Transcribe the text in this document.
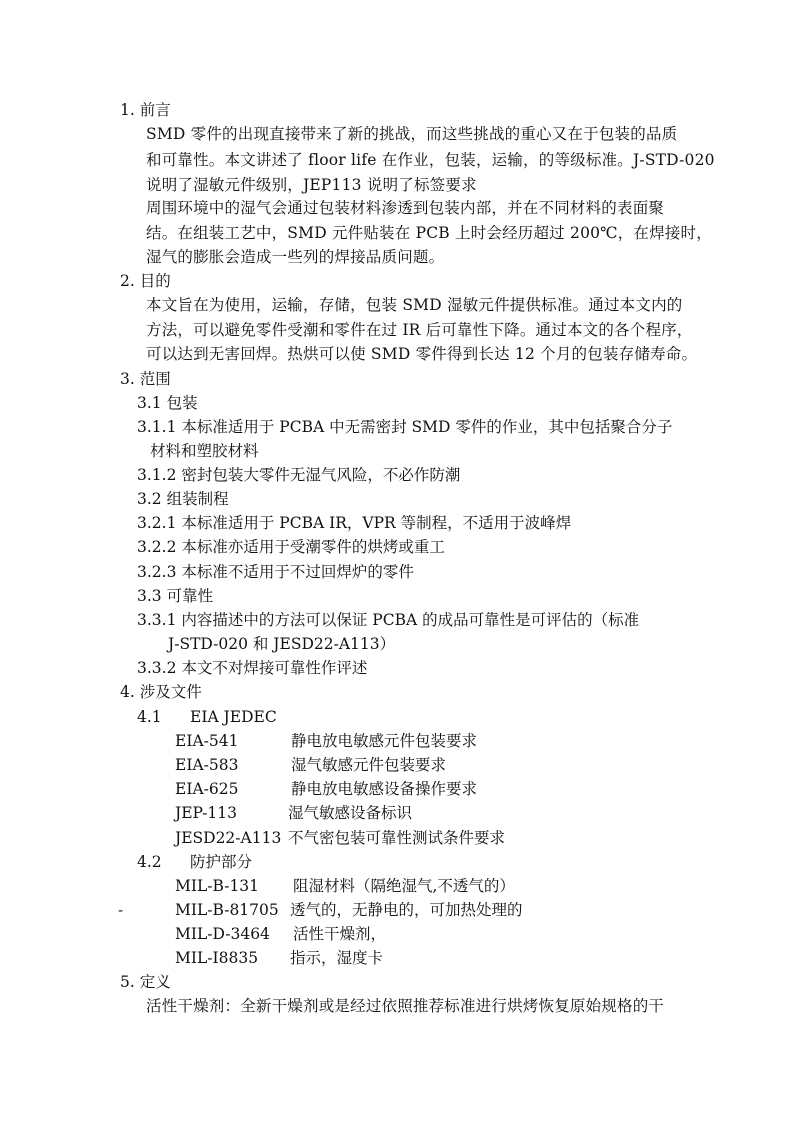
1. 前言
SMD 零件的出现直接带来了新的挑战，而这些挑战的重心又在于包装的品质
和可靠性。本文讲述了 floor life 在作业，包装，运输，的等级标准。J-STD-020
说明了湿敏元件级别，JEP113 说明了标签要求
周围环境中的湿气会通过包装材料渗透到包装内部，并在不同材料的表面聚
结。在组装工艺中，SMD 元件贴装在 PCB 上时会经历超过 200℃，在焊接时，
湿气的膨胀会造成一些列的焊接品质问题。
2. 目的
本文旨在为使用，运输，存储，包装 SMD 湿敏元件提供标准。通过本文内的
方法，可以避免零件受潮和零件在过 IR 后可靠性下降。通过本文的各个程序，
可以达到无害回焊。热烘可以使 SMD 零件得到长达 12 个月的包装存储寿命。
3. 范围
3.1 包装
3.1.1 本标准适用于 PCBA 中无需密封 SMD 零件的作业，其中包括聚合分子
材料和塑胶材料
3.1.2 密封包装大零件无湿气风险，不必作防潮
3.2 组装制程
3.2.1 本标准适用于 PCBA IR，VPR 等制程，不适用于波峰焊
3.2.2 本标准亦适用于受潮零件的烘烤或重工
3.2.3 本标准不适用于不过回焊炉的零件
3.3 可靠性
3.3.1 内容描述中的方法可以保证 PCBA 的成品可靠性是可评估的（标准
J-STD-020 和 JESD22-A113）
3.3.2 本文不对焊接可靠性作评述
4. 涉及文件
4.1 EIA JEDEC
EIA-541	静电放电敏感元件包装要求
EIA-583	湿气敏感元件包装要求
EIA-625	静电放电敏感设备操作要求
JEP-113	湿气敏感设备标识
JESD22-A113 不气密包装可靠性测试条件要求
4.2 防护部分
MIL-B-131 阻湿材料（隔绝湿气,不透气的）
-	MIL-B-81705 透气的，无静电的，可加热处理的
MIL-D-3464 活性干燥剂，
MIL-I8835 指示，湿度卡
5. 定义
活性干燥剂：全新干燥剂或是经过依照推荐标准进行烘烤恢复原始规格的干
